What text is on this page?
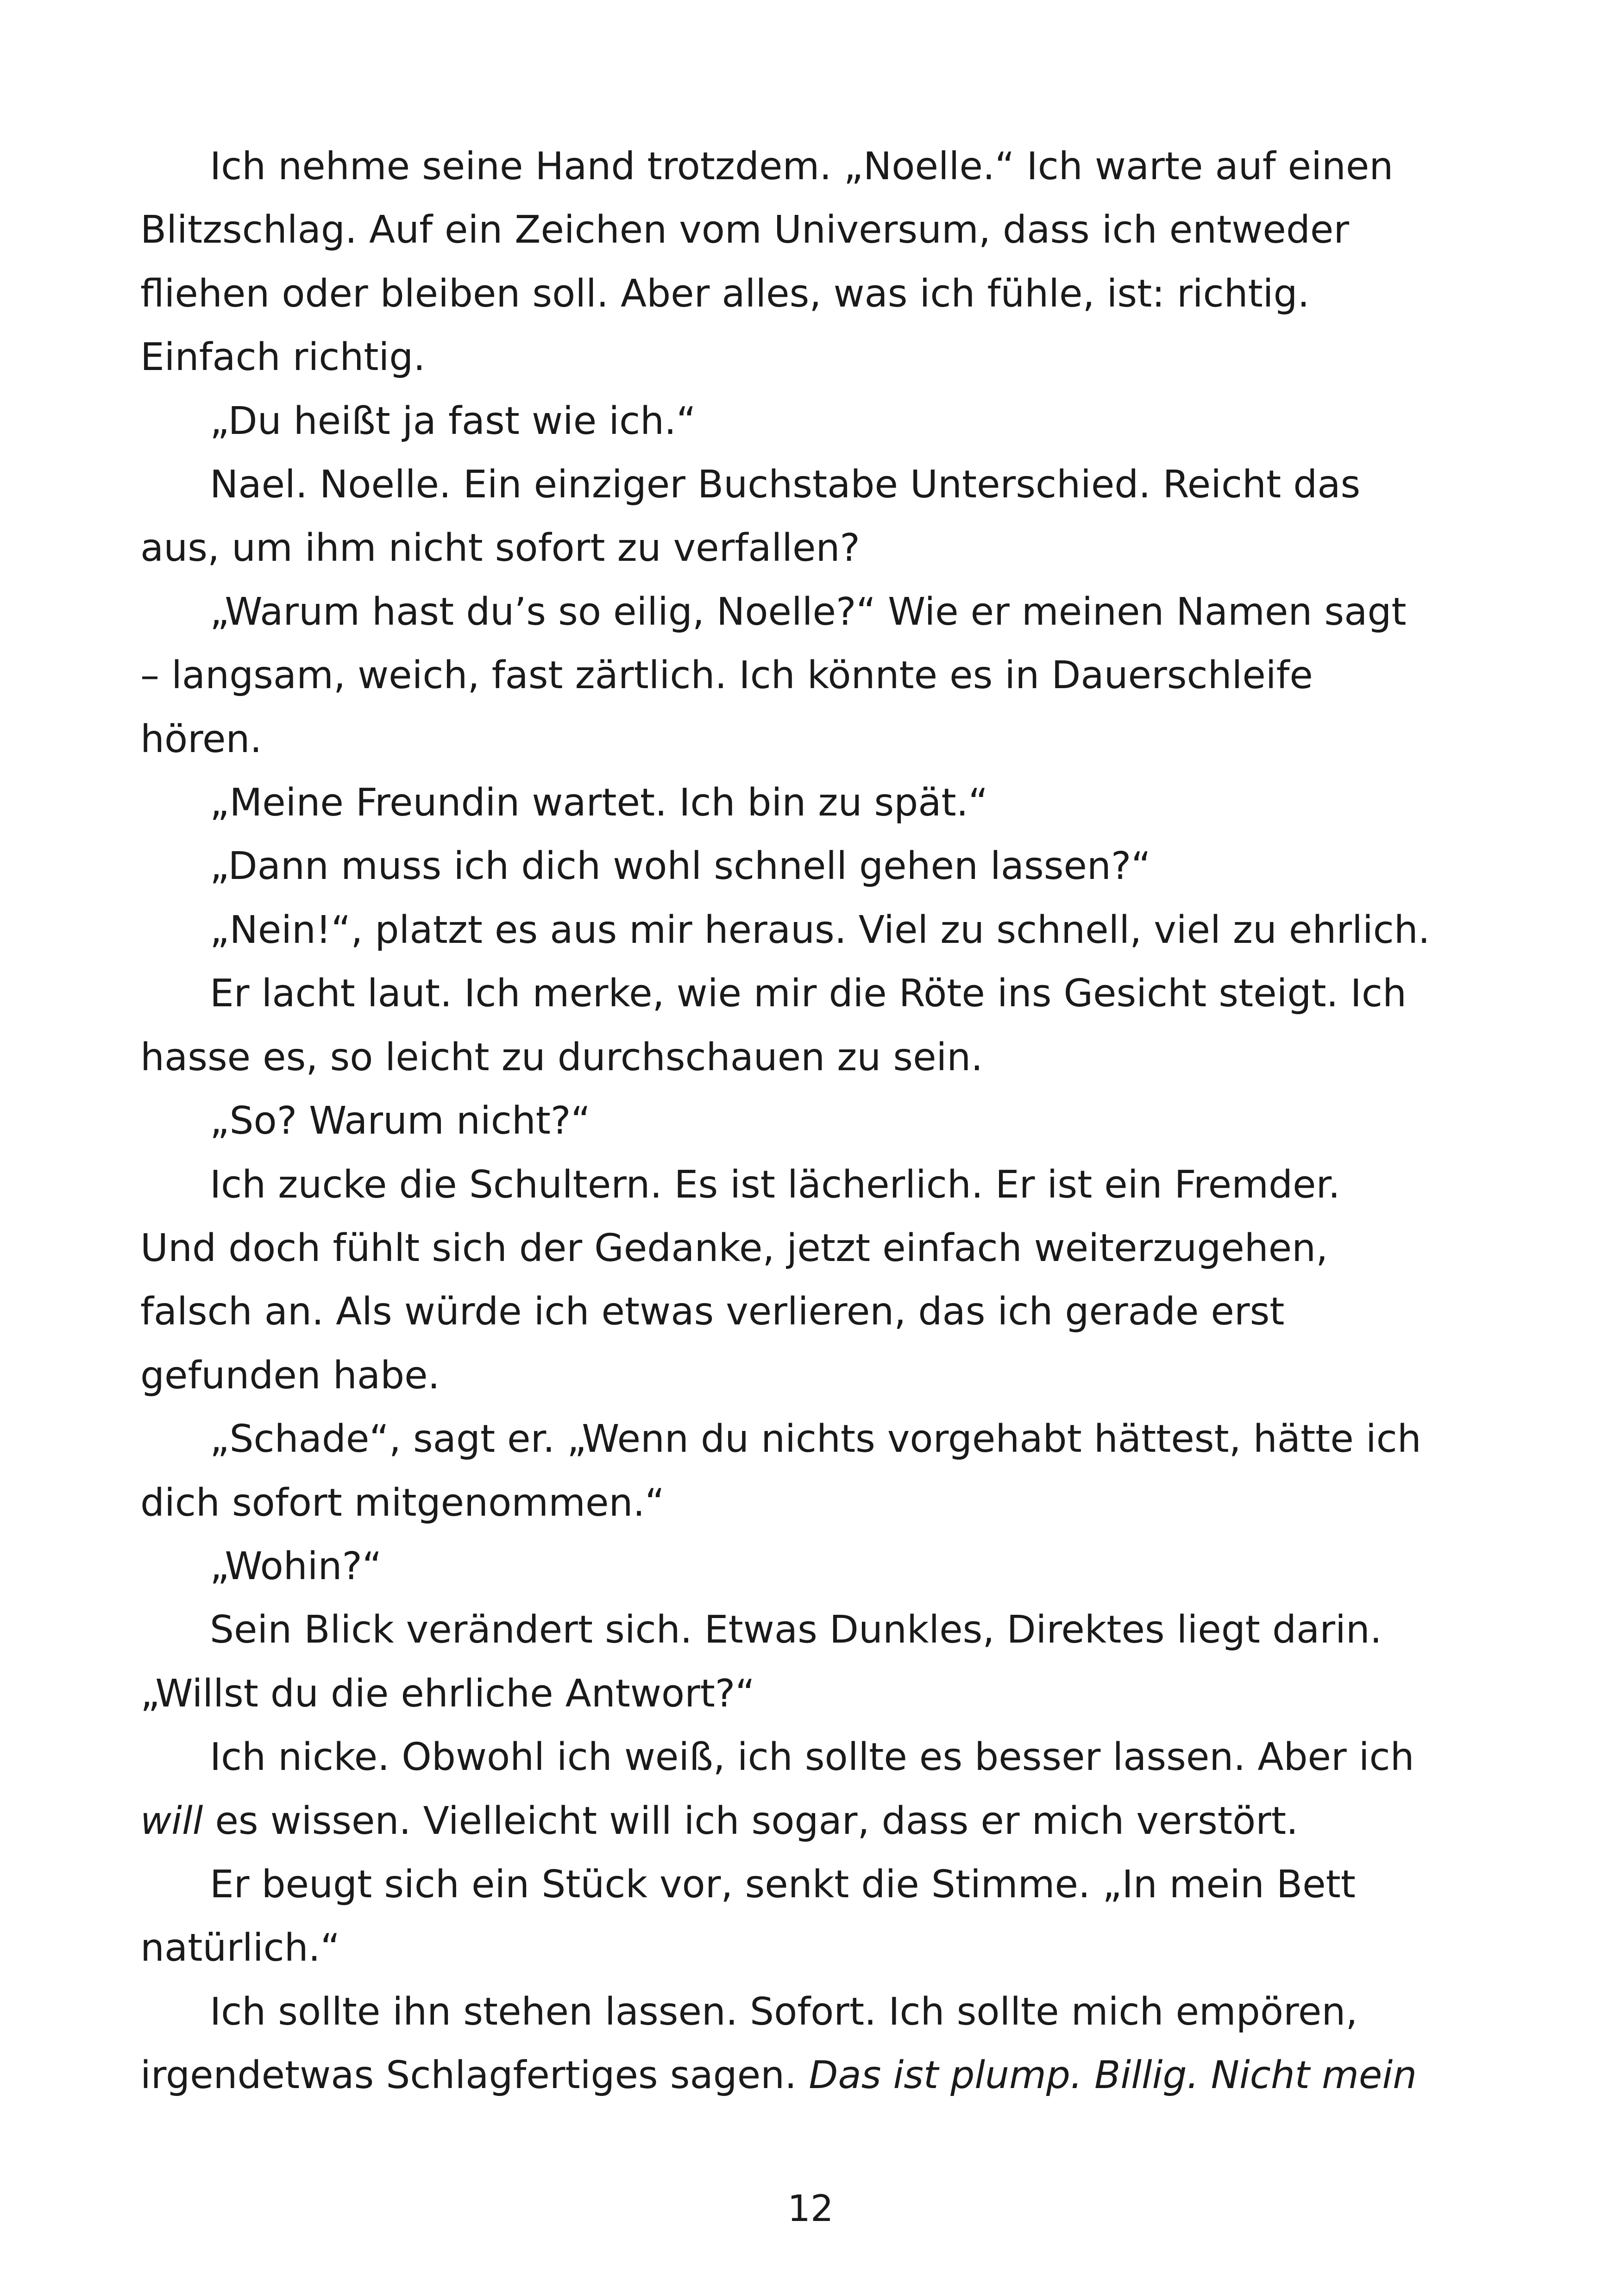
Ich nehme seine Hand trotzdem. „Noelle.“ Ich warte auf einen
Blitzschlag. Auf ein Zeichen vom Universum, dass ich entweder
fliehen oder bleiben soll. Aber alles, was ich fühle, ist: richtig.
Einfach richtig.

„Du heißt ja fast wie ich.“

Nael. Noelle. Ein einziger Buchstabe Unterschied. Reicht das
aus, um ihm nicht sofort zu verfallen?

„Warum hast du’s so eilig, Noelle?“ Wie er meinen Namen sagt
– langsam, weich, fast zärtlich. Ich könnte es in Dauerschleife
hören.

„Meine Freundin wartet. Ich bin zu spät.“

„Dann muss ich dich wohl schnell gehen lassen?“

„Nein!“, platzt es aus mir heraus. Viel zu schnell, viel zu ehrlich.

Er lacht laut. Ich merke, wie mir die Röte ins Gesicht steigt. Ich
hasse es, so leicht zu durchschauen zu sein.

„So? Warum nicht?“

Ich zucke die Schultern. Es ist lächerlich. Er ist ein Fremder.
Und doch fühlt sich der Gedanke, jetzt einfach weiterzugehen,
falsch an. Als würde ich etwas verlieren, das ich gerade erst
gefunden habe.

„Schade“, sagt er. „Wenn du nichts vorgehabt hättest, hätte ich
dich sofort mitgenommen.“

„Wohin?“

Sein Blick verändert sich. Etwas Dunkles, Direktes liegt darin.
„Willst du die ehrliche Antwort?“

Ich nicke. Obwohl ich weiß, ich sollte es besser lassen. Aber ich
will es wissen. Vielleicht will ich sogar, dass er mich verstört.

Er beugt sich ein Stück vor, senkt die Stimme. „In mein Bett
natürlich.“

Ich sollte ihn stehen lassen. Sofort. Ich sollte mich empören,
irgendetwas Schlagfertiges sagen. Das ist plump. Billig. Nicht mein

12
